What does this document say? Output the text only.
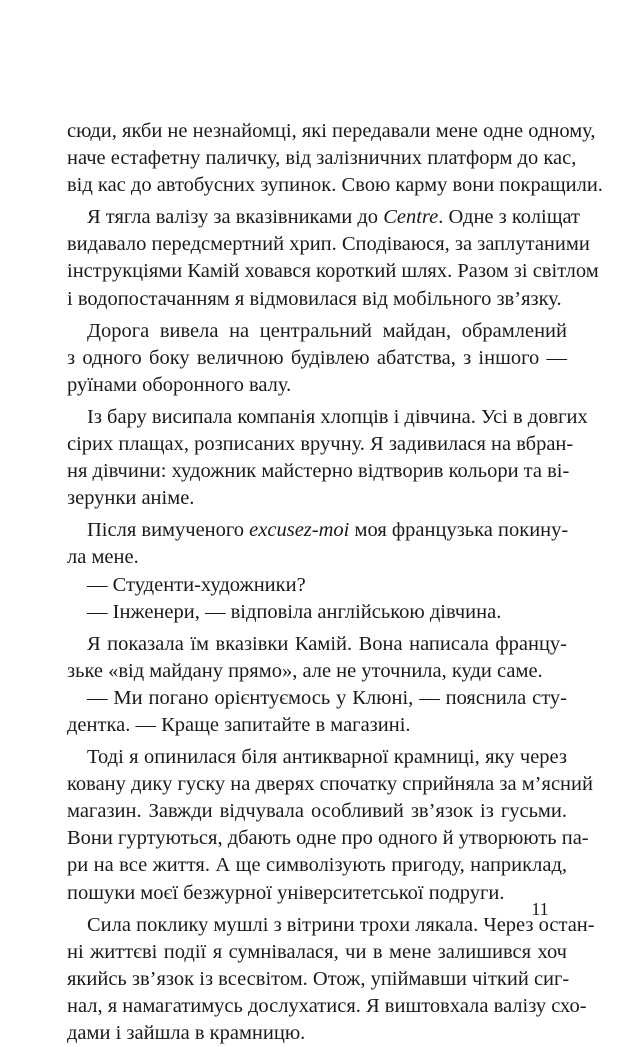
сюди, якби не незнайомці, які передавали мене одне одному,
наче естафетну паличку, від залізничних платформ до кас,
від кас до автобусних зупинок. Свою карму вони покращили.
Я тягла валізу за вказівниками до Centre. Одне з коліщат
видавало передсмертний хрип. Сподіваюся, за заплутаними
інструкціями Камій ховався короткий шлях. Разом зі світлом
і водопостачанням я відмовилася від мобільного зв’язку.
Дорога вивела на центральний майдан, обрамлений
з одного боку величною будівлею абатства, з іншого —
руїнами оборонного валу.
Із бару висипала компанія хлопців і дівчина. Усі в довгих
сірих плащах, розписаних вручну. Я задивилася на вбран-
ня дівчини: художник майстерно відтворив кольори та ві-
зерунки аніме.
Після вимученого excusez-moi моя французька покину-
ла мене.
— Студенти-художники?
— Інженери, — відповіла англійською дівчина.
Я показала їм вказівки Камій. Вона написала францу-
зьке «від майдану прямо», але не уточнила, куди саме.
— Ми погано орієнтуємось у Клюні, — пояснила сту-
дентка. — Краще запитайте в магазині.
Тоді я опинилася біля антикварної крамниці, яку через
ковану дику гуску на дверях спочатку сприйняла за м’ясний
магазин. Завжди відчувала особливий зв’язок із гусьми.
Вони гуртуються, дбають одне про одного й утворюють па-
ри на все життя. А ще символізують пригоду, наприклад,
пошуки моєї безжурної університетської подруги.
Сила поклику мушлі з вітрини трохи лякала. Через остан-
ні життєві події я сумнівалася, чи в мене залишився хоч
якийсь зв’язок із всесвітом. Отож, упіймавши чіткий сиг-
нал, я намагатимусь дослухатися. Я виштовхала валізу схо-
дами і зайшла в крамницю.
11
